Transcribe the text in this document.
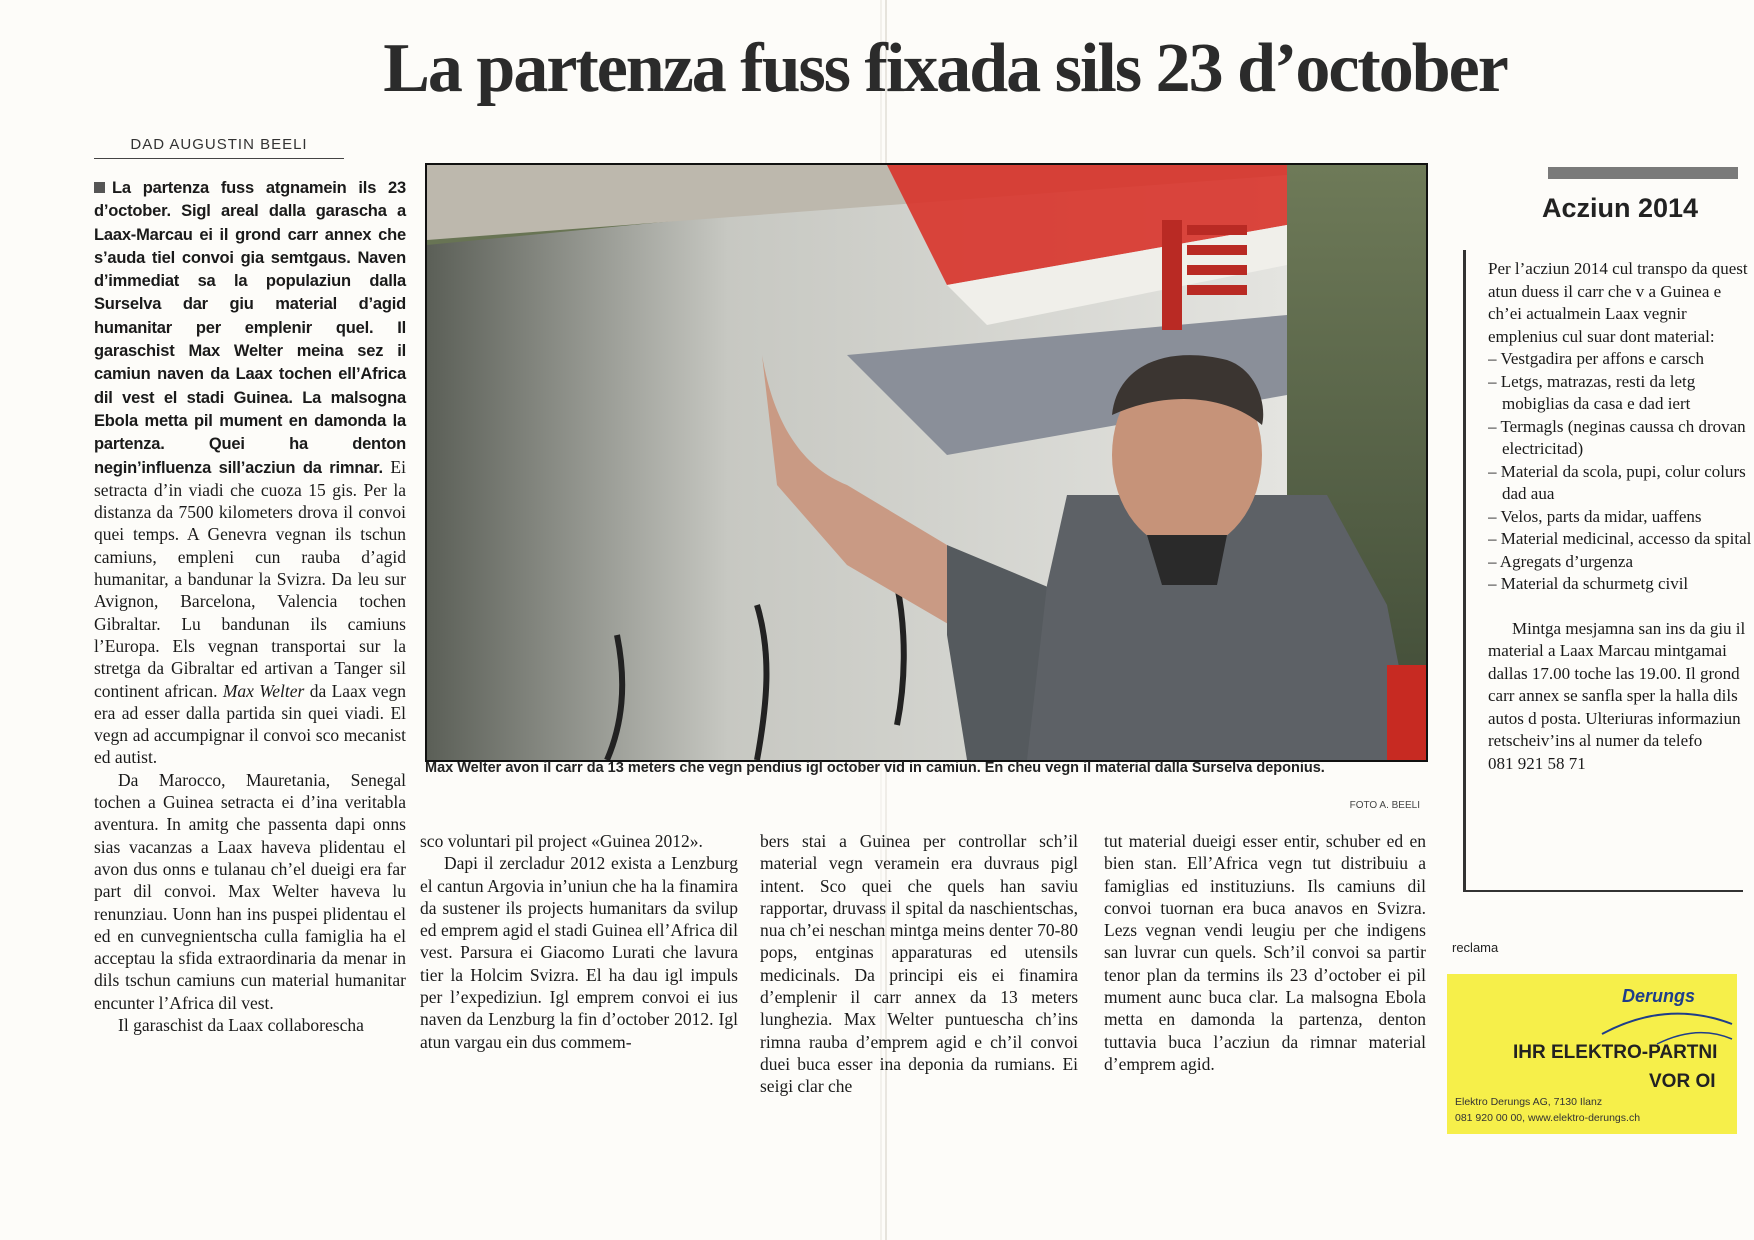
La partenza fuss fixada sils 23 d’october
DAD AUGUSTIN BEELI

La partenza fuss atgnamein ils 23 d’october. Sigl areal dalla garascha a Laax-Marcau ei il grond carr annex che s’auda tiel convoi gia semtgaus. Naven d’immediat sa la populaziun dalla Surselva dar giu material d’agid humanitar per emplenir quel. Il garaschist Max Welter meina sez il camiun naven da Laax tochen ell’Africa dil vest el stadi Guinea. La malsogna Ebola metta pil mument en damonda la partenza. Quei ha denton negin’influenza sill’acziun da rimnar. Ei setracta d’in viadi che cuoza 15 gis. Per la distanza da 7500 kilometers drova il convoi quei temps. A Genevra vegnan ils tschun camiuns, empleni cun rauba d’agid humanitar, a bandunar la Svizra. Da leu sur Avignon, Barcelona, Valencia tochen Gibraltar. Lu bandunan ils camiuns l’Europa. Els vegnan transportai sur la stretga da Gibraltar ed artivan a Tanger sil continent african. Max Welter da Laax vegn era ad esser dalla partida sin quei viadi. El vegn ad accumpignar il convoi sco mecanist ed autist.

Da Marocco, Mauretania, Senegal tochen a Guinea setracta ei d’ina veritabla aventura. In amitg che passenta dapi onns sias vacanzas a Laax haveva plidentau el avon dus onns e tulanau ch’el dueigi era far part dil convoi. Max Welter haveva lu renunziau. Uonn han ins puspei plidentau el ed en cunvegnientscha culla famiglia ha el acceptau la sfida extraordinaria da menar in dils tschun camiuns cun material humanitar encunter l’Africa dil vest.

Il garaschist da Laax collaborescha

Max Welter avon il carr da 13 meters che vegn pendius igl october vid in camiun. En cheu vegn il material dalla Surselva deponius.
FOTO A. BEELI

sco voluntari pil project «Guinea 2012».

Dapi il zercladur 2012 exista a Lenzburg el cantun Argovia in’uniun che ha la finamira da sustener ils projects humanitars da svilup ed emprem agid el stadi Guinea ell’Africa dil vest. Parsura ei Giacomo Lurati che lavura tier la Holcim Svizra. El ha dau igl impuls per l’expediziun. Igl emprem convoi ei ius naven da Lenzburg la fin d’october 2012. Igl atun vargau ein dus commem-

bers stai a Guinea per controllar sch’il material vegn veramein era duvraus pigl intent. Sco quei che quels han saviu rapportar, druvass il spital da naschientschas, nua ch’ei neschan mintga meins denter 70-80 pops, entginas apparaturas ed utensils medicinals. Da principi eis ei finamira d’emplenir il carr annex da 13 meters lunghezia. Max Welter puntuescha ch’ins rimna rauba d’emprem agid e ch’il convoi duei buca esser ina deponia da rumians. Ei seigi clar che

tut material dueigi esser entir, schuber ed en bien stan. Ell’Africa vegn tut distribuiu a famiglias ed instituziuns. Ils camiuns dil convoi tuornan era buca anavos en Svizra. Lezs vegnan vendi leugiu per che indigens san luvrar cun quels. Sch’il convoi sa partir tenor plan da termins ils 23 d’october ei pil mument aunc buca clar. La malsogna Ebola metta en damonda la partenza, denton tuttavia buca l’acziun da rimnar material d’emprem agid.

Acziun 2014

Per l’acziun 2014 cul transpo da quest atun duess il carr che v a Guinea e ch’ei actualmein Laax vegnir emplenius cul suar dont material:

– Vestgadira per affons e carsch
– Letgs, matrazas, resti da letg mobiglias da casa e dad iert
– Termagls (neginas caussa ch drovan electricitad)
– Material da scola, pupi, colur colurs dad aua
– Velos, parts da midar, uaffens
– Material medicinal, accesso da spital
– Agregats d’urgenza
– Material da schurmetg civil

Mintga mesjamna san ins da giu il material a Laax Marcau mintgamai dallas 17.00 toche las 19.00. Il grond carr annex se sanfla sper la halla dils autos d posta. Ulteriuras informaziun retscheiv’ins al numer da telefo

081 921 58 71

reclama
Derungs
IHR ELEKTRO-PARTNI
VOR OI
Elektro Derungs AG, 7130 Ilanz
081 920 00 00, www.elektro-derungs.ch
